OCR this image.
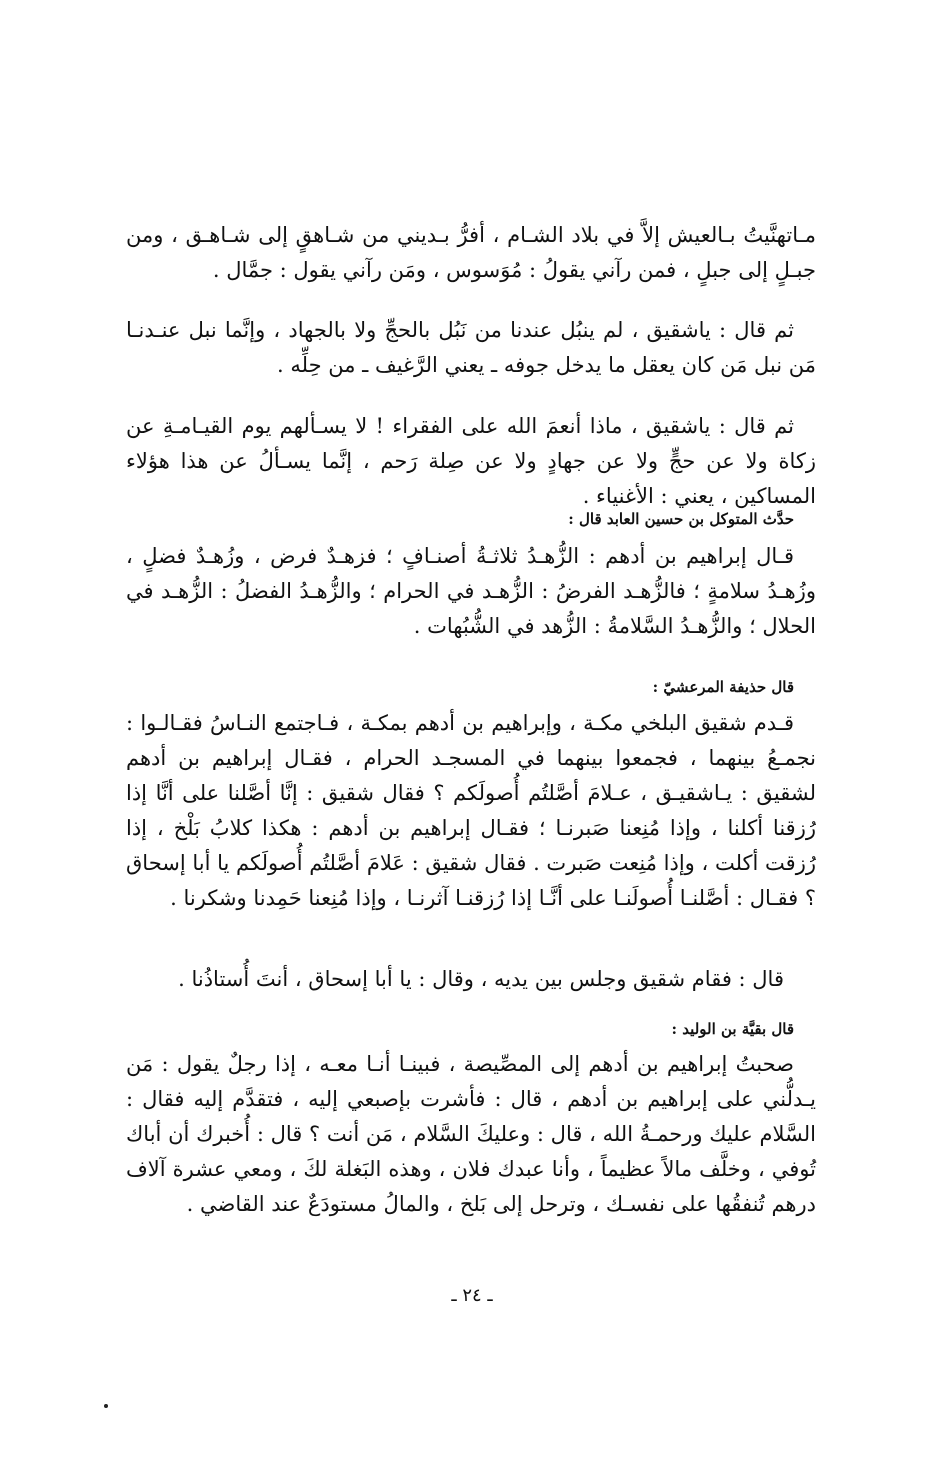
مـاتهنَّيتُ بـالعيش إلاَّ في بلاد الشـام ، أفرُّ بـديني من شـاهقٍ إلى شـاهـق ، ومن جبـلٍ إلى جبلٍ ، فمن رآني يقولُ : مُوَسوس ، ومَن رآني يقول : جمَّال .
ثم قال : ياشقيق ، لم ينبُل عندنا من نَبُل بالحجِّ ولا بالجهاد ، وإنَّما نبل عنـدنـا مَن نبل مَن كان يعقل ما يدخل جوفه ـ يعني الرَّغيف ـ من حِلِّه .
ثم قال : ياشقيق ، ماذا أنعمَ الله على الفقراء ! لا يسـألهم يوم القيـامـةِ عن زكاة ولا عن حجٍّ ولا عن جهادٍ ولا عن صِلة رَحم ، إنَّما يسـألُ عن هذا هؤلاء المساكين ، يعني : الأغنياء .
حدَّث المتوكل بن حسين العابد قال :
قـال إبراهيم بن أدهم : الزُّهـدُ ثلاثـةُ أصنـافٍ ؛ فزهـدٌ فرض ، وزُهـدٌ فضلٍ ، وزُهـدُ سلامةٍ ؛ فالزُّهـد الفرضُ : الزُّهـد في الحرام ؛ والزُّهـدُ الفضلُ : الزُّهـد في الحلال ؛ والزُّهـدُ السَّلامةُ : الزُّهد في الشُّبُهات .
قال حذيفة المرعشيّ :
قـدم شقيق البلخي مكـة ، وإبراهيم بن أدهم بمكـة ، فـاجتمع النـاسُ فقـالـوا : نجمـعُ بينهما ، فجمعوا بينهما في المسجـد الحرام ، فقـال إبراهيم بن أدهم لشقيق : يـاشقيـق ، عـلامَ أصَّلتُم أُصولَكم ؟ فقال شقيق : إنَّا أصَّلنا على أنَّا إذا رُزقنا أكلنا ، وإذا مُنِعنا صَبرنـا ؛ فقـال إبراهيم بن أدهم : هكذا كلابُ بَلْخ ، إذا رُزقت أكلت ، وإذا مُنِعت صَبرت . فقال شقيق : عَلامَ أصَّلتُم أُصولَكم يا أبا إسحاق ؟ فقـال : أصَّلنـا أُصولَنـا على أنَّـا إذا رُزقنـا آثرنـا ، وإذا مُنِعنا حَمِدنا وشكرنا .
قال : فقام شقيق وجلس بين يديه ، وقال : يا أبا إسحاق ، أنتَ أُستاذُنا .
قال بقيَّة بن الوليد :
صحبتُ إبراهيم بن أدهم إلى المصِّيصة ، فبينـا أنـا معـه ، إذا رجلٌ يقول : مَن يـدلُّني على إبراهيم بن أدهم ، قال : فأشرت بإصبعي إليه ، فتقدَّم إليه فقال : السَّلام عليك ورحمـةُ الله ، قال : وعليكَ السَّلام ، مَن أنت ؟ قال : أُخبرك أن أباك تُوفي ، وخلَّف مالاً عظيماً ، وأنا عبدك فلان ، وهذه البَغلة لكَ ، ومعي عشرة آلاف درهم تُنفقُها على نفسـك ، وترحل إلى بَلخ ، والمالُ مستودَعٌ عند القاضي .
ـ ٢٤ ـ
